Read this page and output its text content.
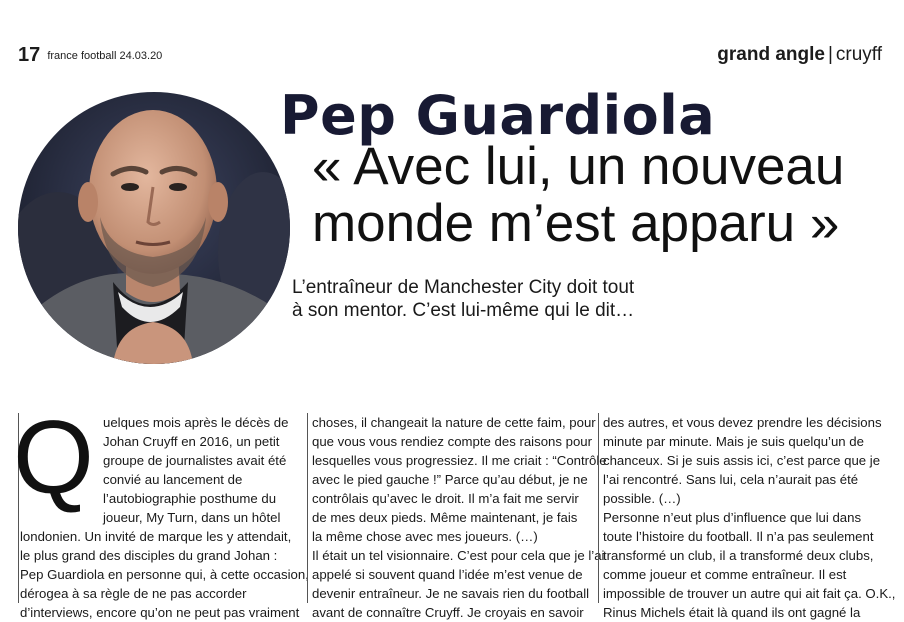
17 france football 24.03.20	grand angle | cruyff
Pep Guardiola
« Avec lui, un nouveau
monde m’est apparu »
L’entraîneur de Manchester City doit tout
à son mentor. C’est lui-même qui le dit…
Q uelques mois après le décès de
Johan Cruyff en 2016, un petit
groupe de journalistes avait été
convié au lancement de
l’autobiographie posthume du
joueur, My Turn, dans un hôtel
londonien. Un invité de marque les y attendait,
le plus grand des disciples du grand Johan :
Pep Guardiola en personne qui, à cette occasion,
dérogea à sa règle de ne pas accorder
d’interviews, encore qu’on ne peut pas vraiment
choses, il changeait la nature de cette faim, pour
que vous vous rendiez compte des raisons pour
lesquelles vous progressiez. Il me criait : “Contrôle
avec le pied gauche !” Parce qu’au début, je ne
contrôlais qu’avec le droit. Il m’a fait me servir
de mes deux pieds. Même maintenant, je fais
la même chose avec mes joueurs. (…)
Il était un tel visionnaire. C’est pour cela que je l’ai
appelé si souvent quand l’idée m’est venue de
devenir entraîneur. Je ne savais rien du football
avant de connaître Cruyff. Je croyais en savoir
des autres, et vous devez prendre les décisions
minute par minute. Mais je suis quelqu’un de
chanceux. Si je suis assis ici, c’est parce que je
l’ai rencontré. Sans lui, cela n’aurait pas été
possible. (…)
Personne n’eut plus d’influence que lui dans
toute l’histoire du football. Il n’a pas seulement
transformé un club, il a transformé deux clubs,
comme joueur et comme entraîneur. Il est
impossible de trouver un autre qui ait fait ça. O.K.,
Rinus Michels était là quand ils ont gagné la
